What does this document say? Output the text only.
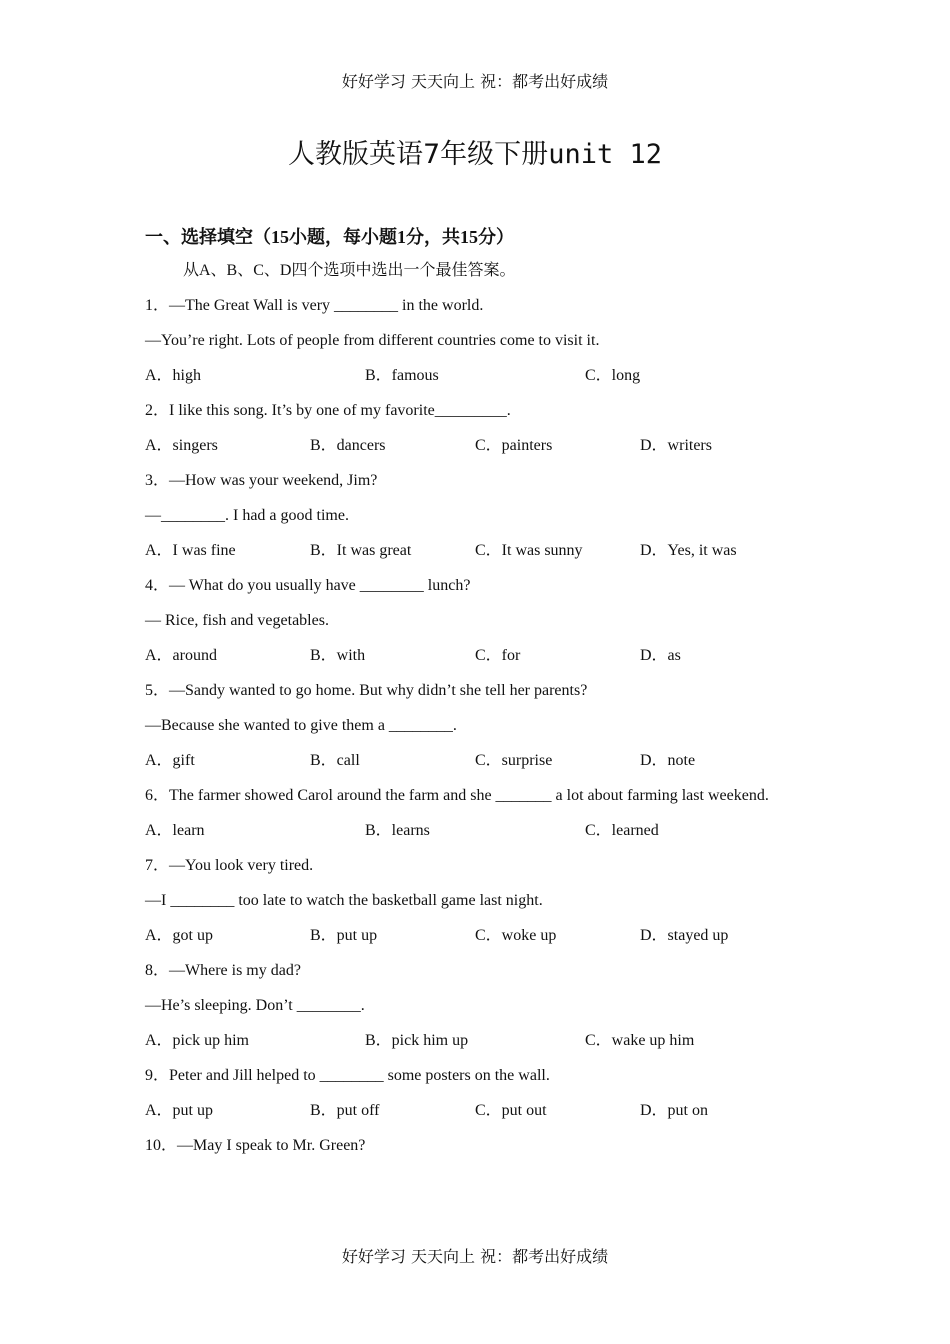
好好学习 天天向上 祝：都考出好成绩
人教版英语7年级下册unit 12
一、选择填空（15小题，每小题1分，共15分）
从A、B、C、D四个选项中选出一个最佳答案。
1．—The Great Wall is very ________ in the world.
—You’re right. Lots of people from different countries come to visit it.
A．high	B．famous	C．long
2．I like this song. It’s by one of my favorite_________.
A．singers	B．dancers	C．painters	D．writers
3．—How was your weekend, Jim?
—________. I had a good time.
A．I was fine	B．It was great	C．It was sunny	D．Yes, it was
4．— What do you usually have ________ lunch?
— Rice, fish and vegetables.
A．around	B．with	C．for	D．as
5．—Sandy wanted to go home. But why didn’t she tell her parents?
—Because she wanted to give them a ________.
A．gift	B．call	C．surprise	D．note
6．The farmer showed Carol around the farm and she _______ a lot about farming last weekend.
A．learn	B．learns	C．learned
7．—You look very tired.
—I ________ too late to watch the basketball game last night.
A．got up	B．put up	C．woke up	D．stayed up
8．—Where is my dad?
—He’s sleeping. Don’t ________.
A．pick up him	B．pick him up	C．wake up him
9．Peter and Jill helped to ________ some posters on the wall.
A．put up	B．put off	C．put out	D．put on
10．—May I speak to Mr. Green?
好好学习 天天向上 祝：都考出好成绩
